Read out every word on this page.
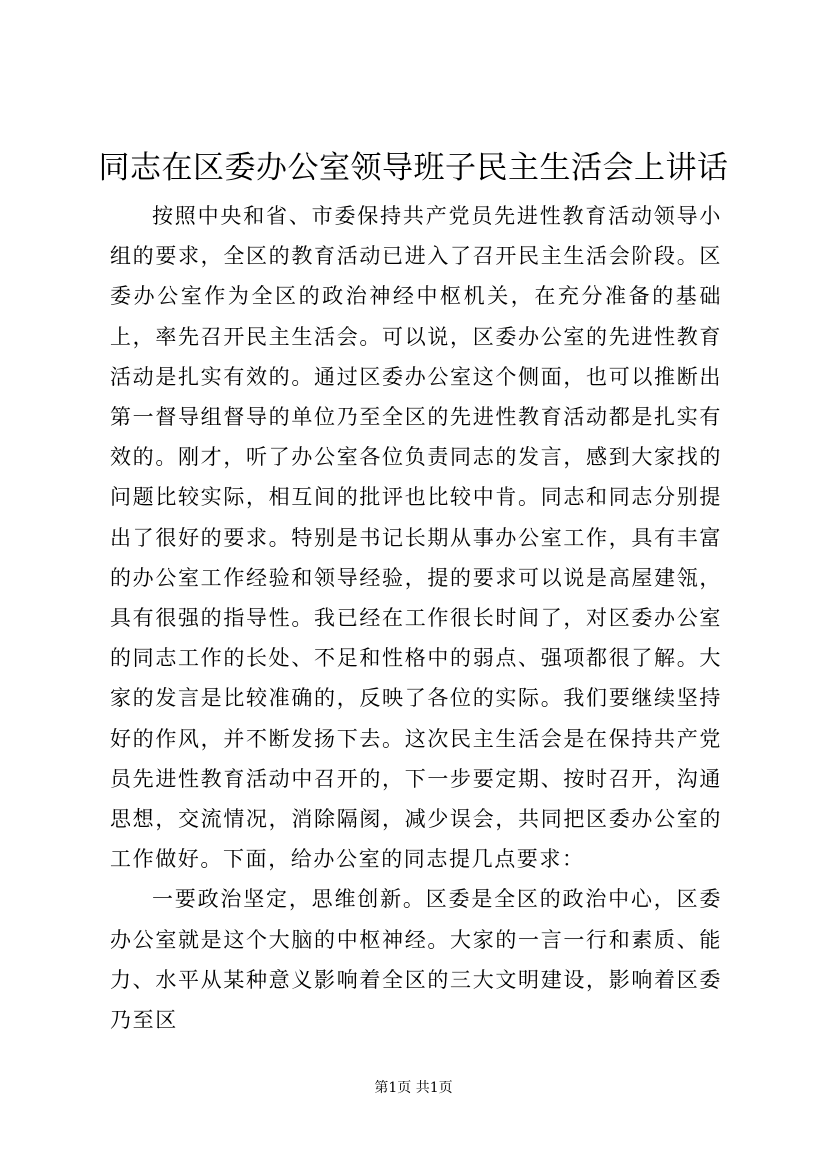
同志在区委办公室领导班子民主生活会上讲话

按照中央和省、市委保持共产党员先进性教育活动领导小组的要求，全区的教育活动已进入了召开民主生活会阶段。区委办公室作为全区的政治神经中枢机关，在充分准备的基础上，率先召开民主生活会。可以说，区委办公室的先进性教育活动是扎实有效的。通过区委办公室这个侧面，也可以推断出第一督导组督导的单位乃至全区的先进性教育活动都是扎实有效的。刚才，听了办公室各位负责同志的发言，感到大家找的问题比较实际，相互间的批评也比较中肯。同志和同志分别提出了很好的要求。特别是书记长期从事办公室工作，具有丰富的办公室工作经验和领导经验，提的要求可以说是高屋建瓴，具有很强的指导性。我已经在工作很长时间了，对区委办公室的同志工作的长处、不足和性格中的弱点、强项都很了解。大家的发言是比较准确的，反映了各位的实际。我们要继续坚持好的作风，并不断发扬下去。这次民主生活会是在保持共产党员先进性教育活动中召开的，下一步要定期、按时召开，沟通思想，交流情况，消除隔阂，减少误会，共同把区委办公室的工作做好。下面，给办公室的同志提几点要求：

一要政治坚定，思维创新。区委是全区的政治中心，区委办公室就是这个大脑的中枢神经。大家的一言一行和素质、能力、水平从某种意义影响着全区的三大文明建设，影响着区委乃至区

第1页 共1页
